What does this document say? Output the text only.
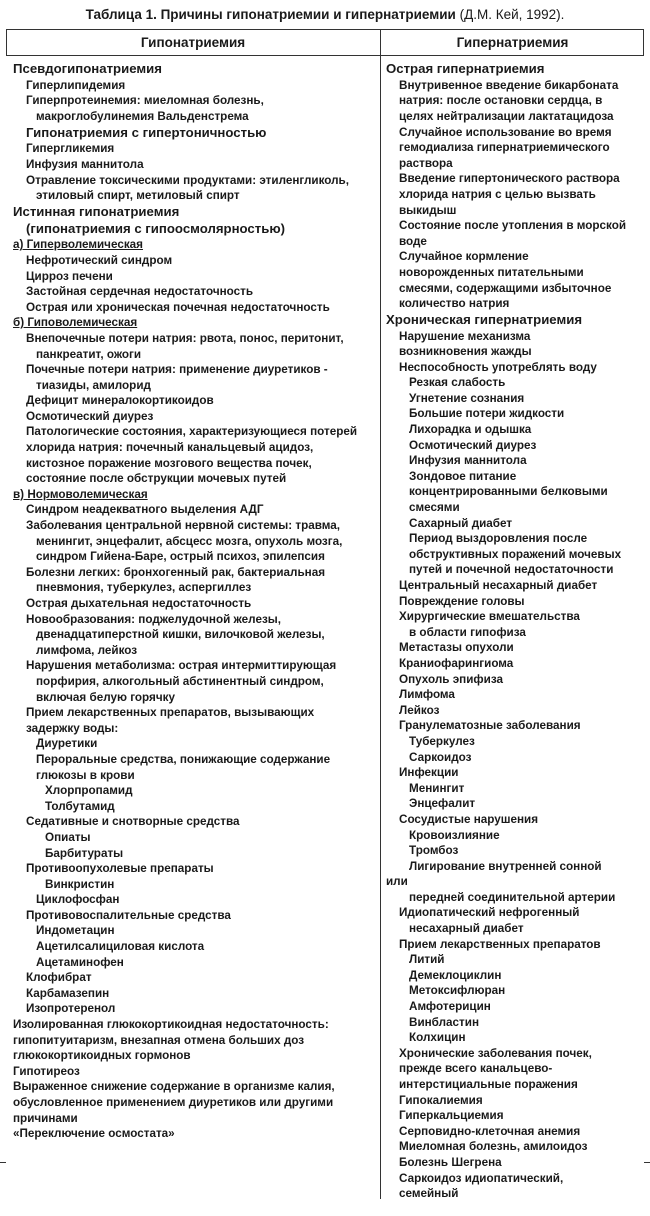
Таблица 1. Причины гипонатриемии и гипернатриемии (Д.М. Кей, 1992).
Гипонатриемия	Гипернатриемия
Псевдогипонатриемия
Гиперлипидемия
Гиперпротеинемия: миеломная болезнь,
макроглобулинемия Вальденстрема
Гипонатриемия с гипертоничностью
Гипергликемия
Инфузия маннитола
Отравление токсическими продуктами: этиленгликоль,
этиловый спирт, метиловый спирт
Истинная гипонатриемия
(гипонатриемия с гипоосмолярностью)
а) Гиперволемическая
Нефротический синдром
Цирроз печени
Застойная сердечная недостаточность
Острая или хроническая почечная недостаточность
б) Гиповолемическая
Внепочечные потери натрия: рвота, понос, перитонит,
панкреатит, ожоги
Почечные потери натрия: применение диуретиков -
тиазиды, амилорид
Дефицит минералокортикоидов
Осмотический диурез
Патологические состояния, характеризующиеся потерей
хлорида натрия: почечный канальцевый ацидоз,
кистозное поражение мозгового вещества почек,
состояние после обструкции мочевых путей
в) Нормоволемическая
Синдром неадекватного выделения АДГ
Заболевания центральной нервной системы: травма,
менингит, энцефалит, абсцесс мозга, опухоль мозга,
синдром Гийена-Баре, острый психоз, эпилепсия
Болезни легких: бронхогенный рак, бактериальная
пневмония, туберкулез, аспергиллез
Острая дыхательная недостаточность
Новообразования: поджелудочной железы,
двенадцатиперстной кишки, вилочковой железы,
лимфома, лейкоз
Нарушения метаболизма: острая интермиттирующая
порфирия, алкогольный абстинентный синдром,
включая белую горячку
Прием лекарственных препаратов, вызывающих
задержку воды:
Диуретики
Пероральные средства, понижающие содержание
глюкозы в крови
Хлорпропамид
Толбутамид
Седативные и снотворные средства
Опиаты
Барбитураты
Противоопухолевые препараты
Винкристин
Циклофосфан
Противовоспалительные средства
Индометацин
Ацетилсалициловая кислота
Ацетаминофен
Клофибрат
Карбамазепин
Изопротеренол
Изолированная глюкокортикоидная недостаточность:
гипопитуитаризм, внезапная отмена больших доз
глюкокортикоидных гормонов
Гипотиреоз
Выраженное снижение содержание в организме калия,
обусловленное применением диуретиков или другими
причинами
«Переключение осмостата»
Острая гипернатриемия
Внутривенное введение бикарбоната
натрия: после остановки сердца, в
целях нейтрализации лактатацидоза
Случайное использование во время
гемодиализа гипернатриемического
раствора
Введение гипертонического раствора
хлорида натрия с целью вызвать
выкидыш
Состояние после утопления в морской
воде
Случайное кормление
новорожденных питательными
смесями, содержащими избыточное
количество натрия
Хроническая гипернатриемия
Нарушение механизма
возникновения жажды
Неспособность употреблять воду
Резкая слабость
Угнетение сознания
Большие потери жидкости
Лихорадка и одышка
Осмотический диурез
Инфузия маннитола
Зондовое питание
концентрированными белковыми
смесями
Сахарный диабет
Период выздоровления после
обструктивных поражений мочевых
путей и почечной недостаточности
Центральный несахарный диабет
Повреждение головы
Хирургические вмешательства
в области гипофиза
Метастазы опухоли
Краниофарингиома
Опухоль эпифиза
Лимфома
Лейкоз
Гранулематозные заболевания
Туберкулез
Саркоидоз
Инфекции
Менингит
Энцефалит
Сосудистые нарушения
Кровоизлияние
Тромбоз
Лигирование внутренней сонной
или
передней соединительной артерии
Идиопатический нефрогенный
несахарный диабет
Прием лекарственных препаратов
Литий
Демеклоциклин
Метоксифлюран
Амфотерицин
Винбластин
Колхицин
Хронические заболевания почек,
прежде всего канальцево-
интерстициальные поражения
Гипокалиемия
Гиперкальциемия
Серповидно-клеточная анемия
Миеломная болезнь, амилоидоз
Болезнь Шегрена
Саркоидоз идиопатический,
семейный
